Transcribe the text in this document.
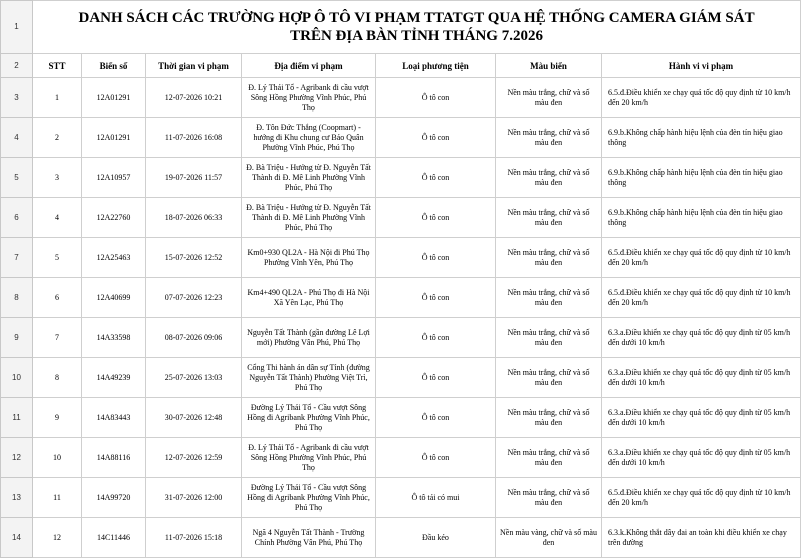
1	DANH SÁCH CÁC TRƯỜNG HỢP Ô TÔ VI PHẠM TTATGT QUA HỆ THỐNG CAMERA GIÁM SÁT
TRÊN ĐỊA BÀN TỈNH THÁNG 7.2026						

2	STT	Biển số	Thời gian vi phạm	Địa điểm vi phạm	Loại phương tiện	Màu biển	Hành vi vi phạm
3	1	12A01291	12-07-2026 10:21	Đ. Lý Thái Tổ - Agribank đi cầu vượt Sông Hồng Phường Vĩnh Phúc, Phú Thọ	Ô tô con	Nền màu trắng, chữ và số màu đen	6.5.đ.Điều khiển xe chạy quá tốc độ quy định từ 10 km/h đến 20 km/h
4	2	12A01291	11-07-2026 16:08	Đ. Tôn Đức Thắng (Coopmart) - hướng đi Khu chung cư Bảo Quân Phường Vĩnh Phúc, Phú Thọ	Ô tô con	Nền màu trắng, chữ và số màu đen	6.9.b.Không chấp hành hiệu lệnh của đèn tín hiệu giao thông
5	3	12A10957	19-07-2026 11:57	Đ. Bà Triệu - Hướng từ Đ. Nguyễn Tất Thành đi Đ. Mê Linh Phường Vĩnh Phúc, Phú Thọ	Ô tô con	Nền màu trắng, chữ và số màu đen	6.9.b.Không chấp hành hiệu lệnh của đèn tín hiệu giao thông
6	4	12A22760	18-07-2026 06:33	Đ. Bà Triệu - Hướng từ Đ. Nguyễn Tất Thành đi Đ. Mê Linh Phường Vĩnh Phúc, Phú Thọ	Ô tô con	Nền màu trắng, chữ và số màu đen	6.9.b.Không chấp hành hiệu lệnh của đèn tín hiệu giao thông
7	5	12A25463	15-07-2026 12:52	Km0+930 QL2A - Hà Nội đi Phú Thọ Phường Vĩnh Yên, Phú Thọ	Ô tô con	Nền màu trắng, chữ và số màu đen	6.5.đ.Điều khiển xe chạy quá tốc độ quy định từ 10 km/h đến 20 km/h
8	6	12A40699	07-07-2026 12:23	Km4+490 QL2A - Phú Thọ đi Hà Nội Xã Yên Lạc, Phú Thọ	Ô tô con	Nền màu trắng, chữ và số màu đen	6.5.đ.Điều khiển xe chạy quá tốc độ quy định từ 10 km/h đến 20 km/h
9	7	14A33598	08-07-2026 09:06	Nguyễn Tất Thành (gần đường Lê Lợi mới) Phường Vân Phú, Phú Thọ	Ô tô con	Nền màu trắng, chữ và số màu đen	6.3.a.Điều khiển xe chạy quá tốc độ quy định từ 05 km/h đến dưới 10 km/h
10	8	14A49239	25-07-2026 13:03	Cổng Thi hành án dân sự Tỉnh (đường Nguyễn Tất Thành) Phường Việt Trì, Phú Thọ	Ô tô con	Nền màu trắng, chữ và số màu đen	6.3.a.Điều khiển xe chạy quá tốc độ quy định từ 05 km/h đến dưới 10 km/h
11	9	14A83443	30-07-2026 12:48	Đường Lý Thái Tổ - Cầu vượt Sông Hồng đi Agribank Phường Vĩnh Phúc, Phú Thọ	Ô tô con	Nền màu trắng, chữ và số màu đen	6.3.a.Điều khiển xe chạy quá tốc độ quy định từ 05 km/h đến dưới 10 km/h
12	10	14A88116	12-07-2026 12:59	Đ. Lý Thái Tổ - Agribank đi cầu vượt Sông Hồng Phường Vĩnh Phúc, Phú Thọ	Ô tô con	Nền màu trắng, chữ và số màu đen	6.3.a.Điều khiển xe chạy quá tốc độ quy định từ 05 km/h đến dưới 10 km/h
13	11	14A99720	31-07-2026 12:00	Đường Lý Thái Tổ - Cầu vượt Sông Hồng đi Agribank Phường Vĩnh Phúc, Phú Thọ	Ô tô tải có mui	Nền màu trắng, chữ và số màu đen	6.5.đ.Điều khiển xe chạy quá tốc độ quy định từ 10 km/h đến 20 km/h
14	12	14C11446	11-07-2026 15:18	Ngã 4 Nguyễn Tất Thành - Trường Chính Phường Vân Phú, Phú Thọ	Đầu kéo	Nền màu vàng, chữ và số màu đen	6.3.k.Không thắt dây đai an toàn khi điều khiển xe chạy trên đường
